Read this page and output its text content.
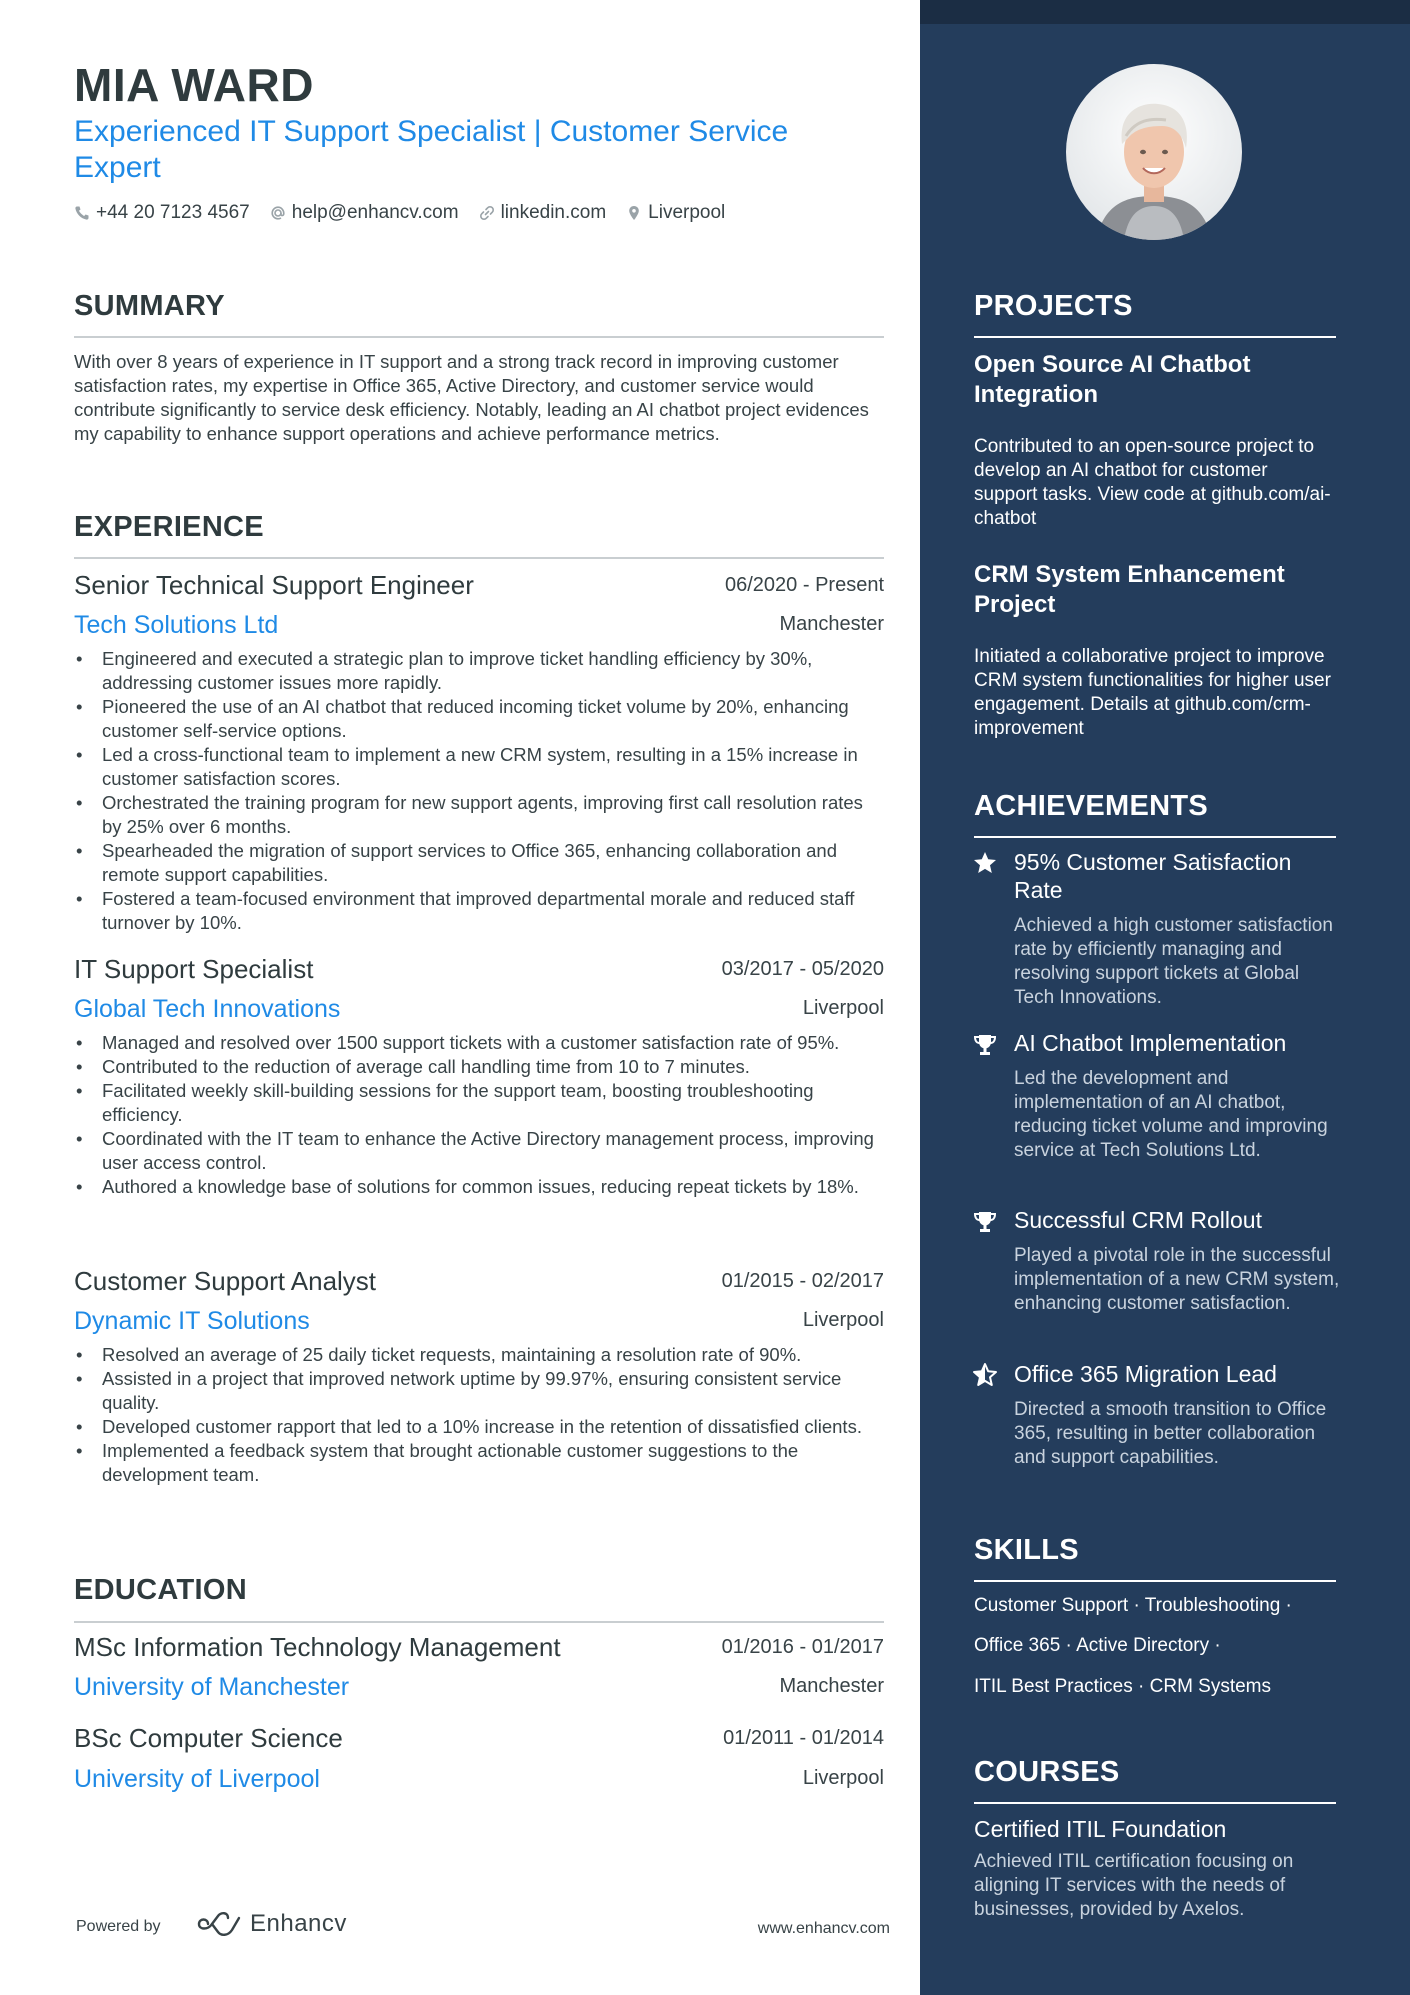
MIA WARD

Experienced IT Support Specialist | Customer Service Expert

+44 20 7123 4567 help@enhancv.com linkedin.com Liverpool
SUMMARY

With over 8 years of experience in IT support and a strong track record in improving customer satisfaction rates, my expertise in Office 365, Active Directory, and customer service would contribute significantly to service desk efficiency. Notably, leading an AI chatbot project evidences my capability to enhance support operations and achieve performance metrics.

EXPERIENCE
Senior Technical Support Engineer	06/2020 - Present
Tech Solutions Ltd	Manchester
• Engineered and executed a strategic plan to improve ticket handling efficiency by 30%, addressing customer issues more rapidly.
• Pioneered the use of an AI chatbot that reduced incoming ticket volume by 20%, enhancing customer self-service options.
• Led a cross-functional team to implement a new CRM system, resulting in a 15% increase in customer satisfaction scores.
• Orchestrated the training program for new support agents, improving first call resolution rates by 25% over 6 months.
• Spearheaded the migration of support services to Office 365, enhancing collaboration and remote support capabilities.
• Fostered a team-focused environment that improved departmental morale and reduced staff turnover by 10%.
IT Support Specialist	03/2017 - 05/2020
Global Tech Innovations	Liverpool
• Managed and resolved over 1500 support tickets with a customer satisfaction rate of 95%.
• Contributed to the reduction of average call handling time from 10 to 7 minutes.
• Facilitated weekly skill-building sessions for the support team, boosting troubleshooting efficiency.
• Coordinated with the IT team to enhance the Active Directory management process, improving user access control.
• Authored a knowledge base of solutions for common issues, reducing repeat tickets by 18%.
Customer Support Analyst	01/2015 - 02/2017
Dynamic IT Solutions	Liverpool
• Resolved an average of 25 daily ticket requests, maintaining a resolution rate of 90%.
• Assisted in a project that improved network uptime by 99.97%, ensuring consistent service quality.
• Developed customer rapport that led to a 10% increase in the retention of dissatisfied clients.
• Implemented a feedback system that brought actionable customer suggestions to the development team.
EDUCATION
MSc Information Technology Management	01/2016 - 01/2017
University of Manchester	Manchester
BSc Computer Science	01/2011 - 01/2014
University of Liverpool	Liverpool
Powered by	Enhancv	www.enhancv.com
PROJECTS

Open Source AI Chatbot Integration

Contributed to an open-source project to develop an AI chatbot for customer support tasks. View code at github.com/ai-chatbot

CRM System Enhancement Project

Initiated a collaborative project to improve CRM system functionalities for higher user engagement. Details at github.com/crm-improvement

ACHIEVEMENTS

95% Customer Satisfaction Rate

Achieved a high customer satisfaction rate by efficiently managing and resolving support tickets at Global Tech Innovations.

AI Chatbot Implementation

Led the development and implementation of an AI chatbot, reducing ticket volume and improving service at Tech Solutions Ltd.

Successful CRM Rollout

Played a pivotal role in the successful implementation of a new CRM system, enhancing customer satisfaction.

Office 365 Migration Lead

Directed a smooth transition to Office 365, resulting in better collaboration and support capabilities.

SKILLS
Customer Support · Troubleshooting ·
Office 365 · Active Directory ·
ITIL Best Practices · CRM Systems
COURSES

Certified ITIL Foundation

Achieved ITIL certification focusing on aligning IT services with the needs of businesses, provided by Axelos.
